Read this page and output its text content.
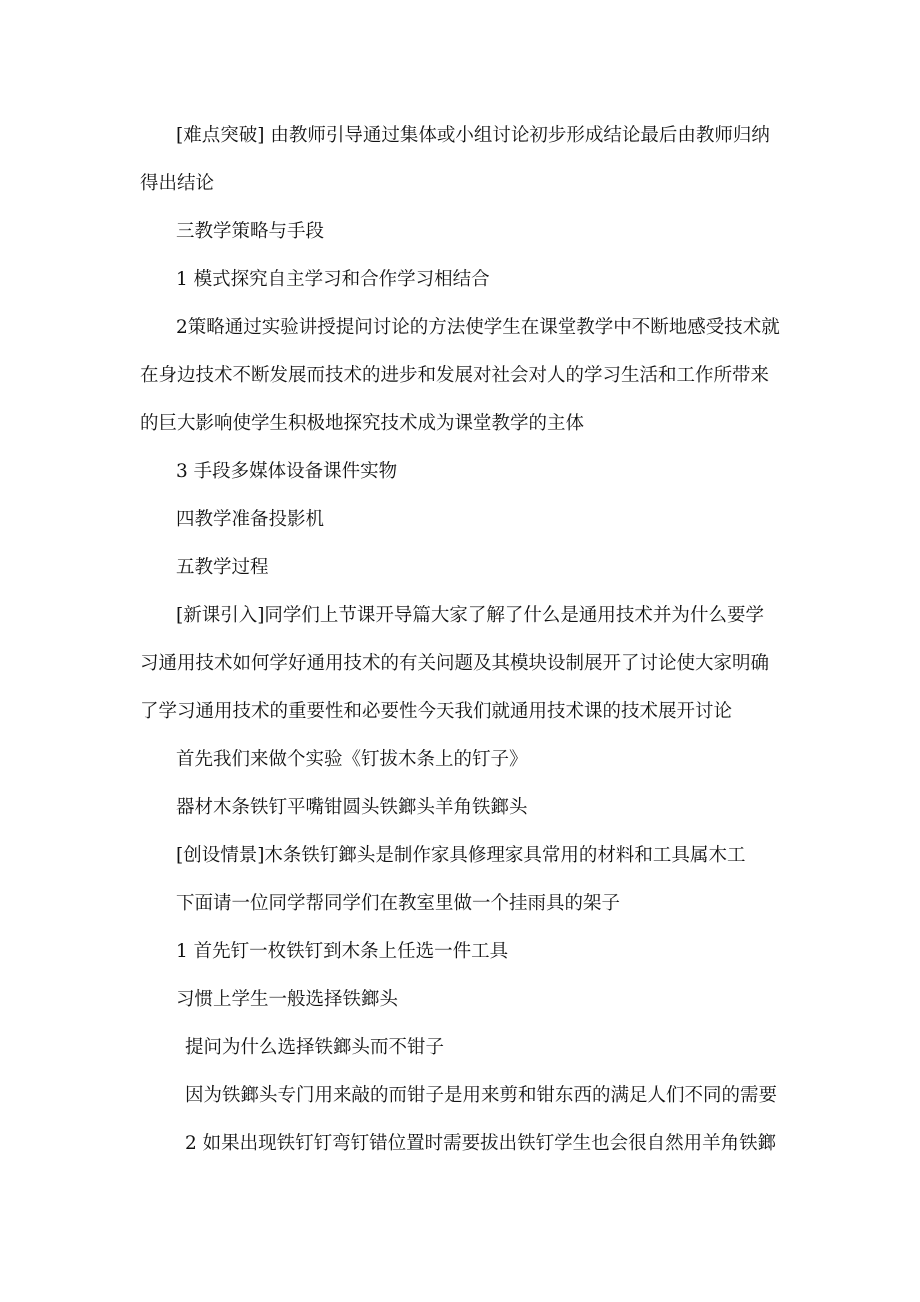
[难点突破] 由教师引导通过集体或小组讨论初步形成结论最后由教师归纳
得出结论
三教学策略与手段
1 模式探究自主学习和合作学习相结合
2策略通过实验讲授提问讨论的方法使学生在课堂教学中不断地感受技术就
在身边技术不断发展而技术的进步和发展对社会对人的学习生活和工作所带来
的巨大影响使学生积极地探究技术成为课堂教学的主体
3 手段多媒体设备课件实物
四教学准备投影机
五教学过程
[新课引入]同学们上节课开导篇大家了解了什么是通用技术并为什么要学
习通用技术如何学好通用技术的有关问题及其模块设制展开了讨论使大家明确
了学习通用技术的重要性和必要性今天我们就通用技术课的技术展开讨论
首先我们来做个实验《钉拔木条上的钉子》
器材木条铁钉平嘴钳圆头铁鎯头羊角铁鎯头
[创设情景]木条铁钉鎯头是制作家具修理家具常用的材料和工具属木工
下面请一位同学帮同学们在教室里做一个挂雨具的架子
1 首先钉一枚铁钉到木条上任选一件工具
习惯上学生一般选择铁鎯头
提问为什么选择铁鎯头而不钳子
因为铁鎯头专门用来敲的而钳子是用来剪和钳东西的满足人们不同的需要
2 如果出现铁钉钉弯钉错位置时需要拔出铁钉学生也会很自然用羊角铁鎯
